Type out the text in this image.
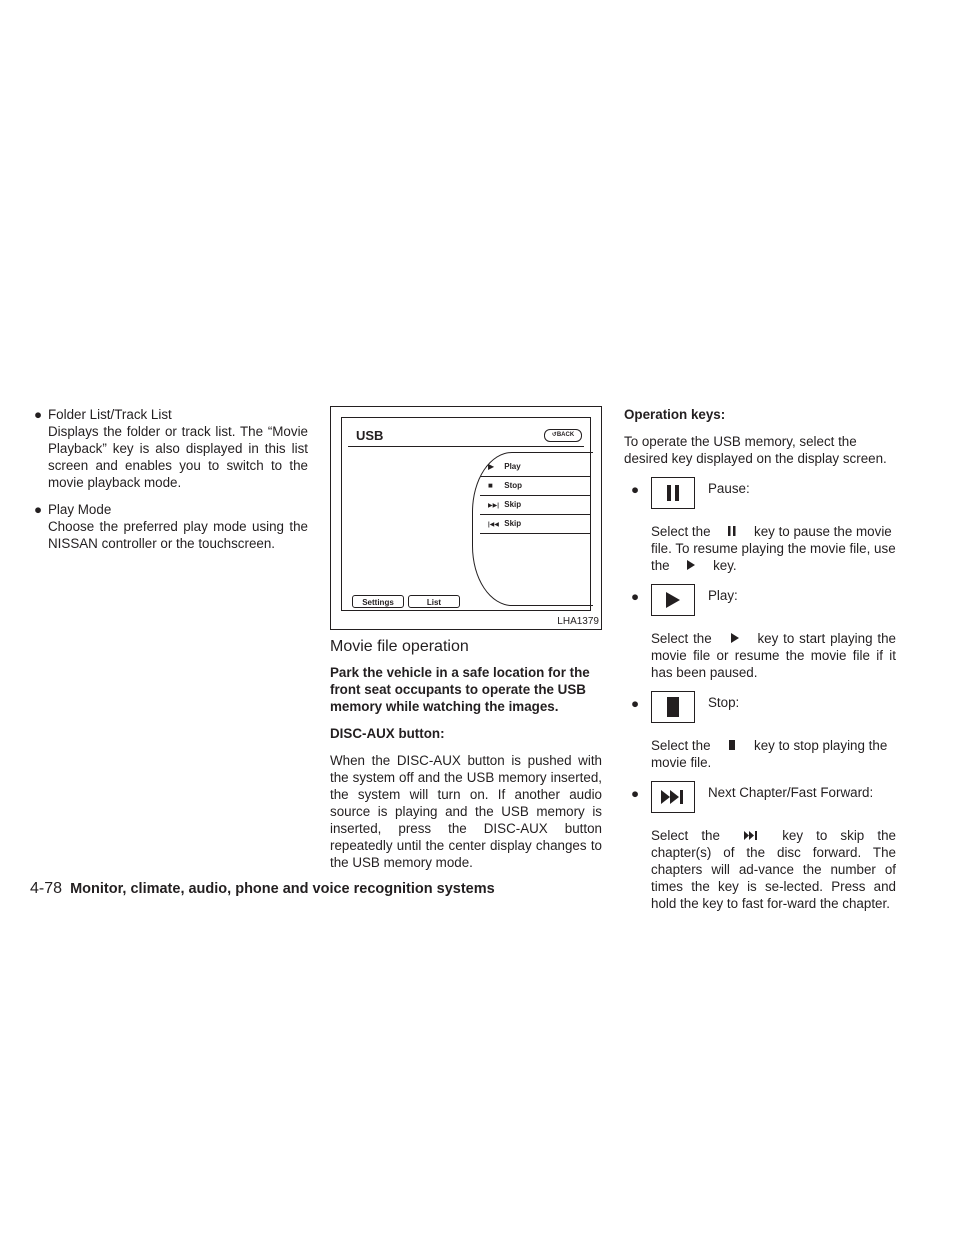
● Folder List/Track List
Displays the folder or track list. The “Movie Playback” key is also displayed in this list screen and enables you to switch to the movie playback mode.
● Play Mode
Choose the preferred play mode using the NISSAN controller or the touchscreen.
USB	↺BACK
▶ Play
■ Stop
▶▶| Skip
|◀◀ Skip
Settings	List
LHA1379
Movie file operation

Park the vehicle in a safe location for the front seat occupants to operate the USB memory while watching the images.

DISC-AUX button:

When the DISC-AUX button is pushed with the system off and the USB memory inserted, the system will turn on. If another audio source is playing and the USB memory is inserted, press the DISC-AUX button repeatedly until the center display changes to the USB memory mode.

Operation keys:

To operate the USB memory, select the desired key displayed on the display screen.

●	Pause:
Select the	key to pause the movie file. To resume playing the movie file, use the	key.
●	Play:
Select the	key to start playing the movie file or resume the movie file if it has been paused.
●	Stop:
Select the	key to stop playing the movie file.
●	Next Chapter/Fast Forward:
Select the	key to skip the chapter(s) of the disc forward. The chapters will ad-vance the number of times the key is se-lected. Press and hold the key to fast for-ward the chapter.
4-78 Monitor, climate, audio, phone and voice recognition systems
